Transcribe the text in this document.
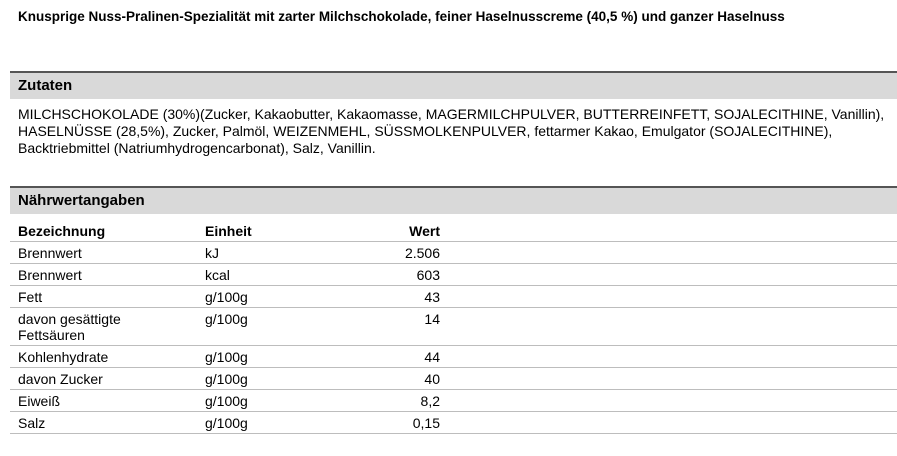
Knusprige Nuss-Pralinen-Spezialität mit zarter Milchschokolade, feiner Haselnusscreme (40,5 %) und ganzer Haselnuss
Zutaten
MILCHSCHOKOLADE (30%)(Zucker, Kakaobutter, Kakaomasse, MAGERMILCHPULVER, BUTTERREINFETT, SOJALECITHINE, Vanillin), HASELNÜSSE (28,5%), Zucker, Palmöl, WEIZENMEHL, SÜSSMOLKENPULVER, fettarmer Kakao, Emulgator (SOJALECITHINE), Backtriebmittel (Natriumhydrogencarbonat), Salz, Vanillin.
Nährwertangaben
Bezeichnung	Einheit	Wert	
Brennwert	kJ	2.506	
Brennwert	kcal	603	
Fett	g/100g	43	

davon gesättigte Fettsäuren	g/100g	14	
Kohlenhydrate	g/100g	44	
davon Zucker	g/100g	40	
Eiweiß	g/100g	8,2	
Salz	g/100g	0,15	
